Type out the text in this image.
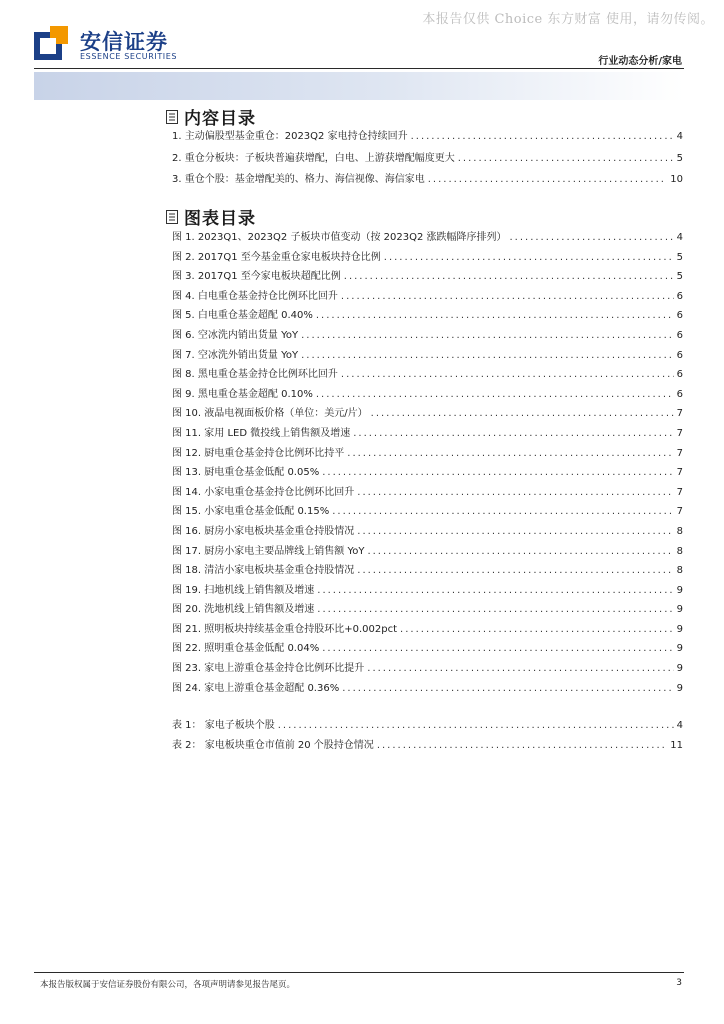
本报告仅供 Choice 东方财富 使用，请勿传阅。
安信证券
ESSENCE SECURITIES	行业动态分析/家电
内容目录
1. 主动偏股型基金重仓：2023Q2 家电持仓持续回升 .....	4
2. 重仓分板块：子板块普遍获增配，白电、上游获增配幅度更大 .....	5
3. 重仓个股：基金增配美的、格力、海信视像、海信家电 .....	10
图表目录
图 1. 2023Q1、2023Q2 子板块市值变动（按 2023Q2 涨跌幅降序排列） .....	4
图 2. 2017Q1 至今基金重仓家电板块持仓比例 .....	5
图 3. 2017Q1 至今家电板块超配比例 .....	5
图 4. 白电重仓基金持仓比例环比回升 .....	6
图 5. 白电重仓基金超配 0.40% .....	6
图 6. 空冰洗内销出货量 YoY .....	6
图 7. 空冰洗外销出货量 YoY .....	6
图 8. 黑电重仓基金持仓比例环比回升 .....	6
图 9. 黑电重仓基金超配 0.10% .....	6
图 10. 液晶电视面板价格（单位：美元/片） .....	7
图 11. 家用 LED 微投线上销售额及增速 .....	7
图 12. 厨电重仓基金持仓比例环比持平 .....	7
图 13. 厨电重仓基金低配 0.05% .....	7
图 14. 小家电重仓基金持仓比例环比回升 .....	7
图 15. 小家电重仓基金低配 0.15% .....	7
图 16. 厨房小家电板块基金重仓持股情况 .....	8
图 17. 厨房小家电主要品牌线上销售额 YoY .....	8
图 18. 清洁小家电板块基金重仓持股情况 .....	8
图 19. 扫地机线上销售额及增速 .....	9
图 20. 洗地机线上销售额及增速 .....	9
图 21. 照明板块持续基金重仓持股环比+0.002pct .....	9
图 22. 照明重仓基金低配 0.04% .....	9
图 23. 家电上游重仓基金持仓比例环比提升 .....	9
图 24. 家电上游重仓基金超配 0.36% .....	9
表 1： 家电子板块个股 .....	4
表 2： 家电板块重仓市值前 20 个股持仓情况 .....	11
本报告版权属于安信证券股份有限公司，各项声明请参见报告尾页。	3
